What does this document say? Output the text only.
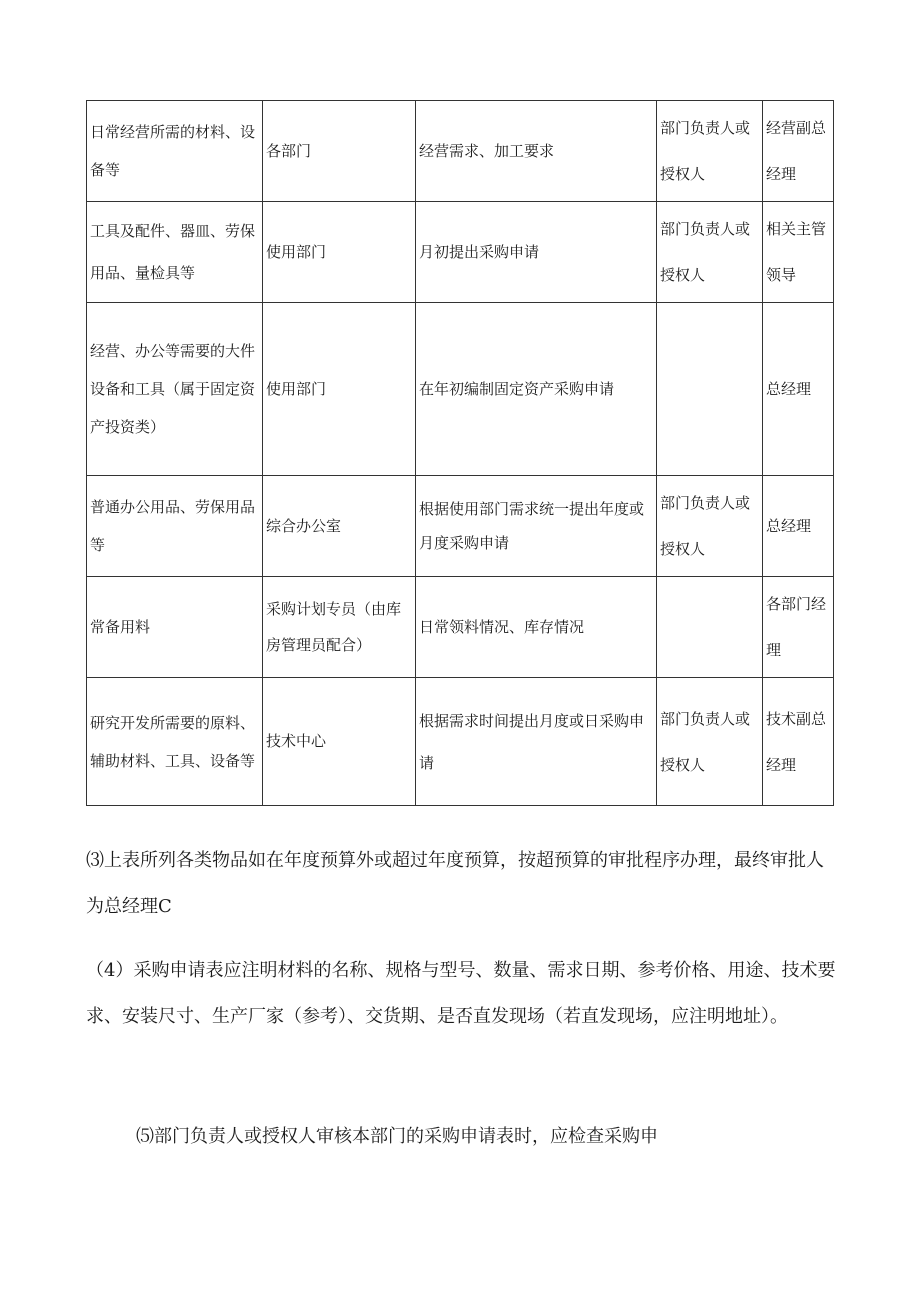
日常经营所需的材料、设备等	各部门	经营需求、加工要求	部门负责人或授权人	经营副总经理

工具及配件、器皿、劳保用品、量检具等	使用部门	月初提出采购申请	部门负责人或授权人	相关主管领导

经营、办公等需要的大件设备和工具（属于固定资产投资类）	使用部门	在年初编制固定资产采购申请		总经理

普通办公用品、劳保用品等	综合办公室	根据使用部门需求统一提出年度或月度采购申请	部门负责人或授权人	总经理

常备用料	采购计划专员（由库房管理员配合）	日常领料情况、库存情况		各部门经理

研究开发所需要的原料、辅助材料、工具、设备等	技术中心	根据需求时间提出月度或日采购申请	部门负责人或授权人	技术副总经理

⑶上表所列各类物品如在年度预算外或超过年度预算，按超预算的审批程序办理，最终审批人为总经理C

（4）采购申请表应注明材料的名称、规格与型号、数量、需求日期、参考价格、用途、技术要求、安装尺寸、生产厂家（参考）、交货期、是否直发现场（若直发现场，应注明地址）。

⑸部门负责人或授权人审核本部门的采购申请表时，应检查采购申
